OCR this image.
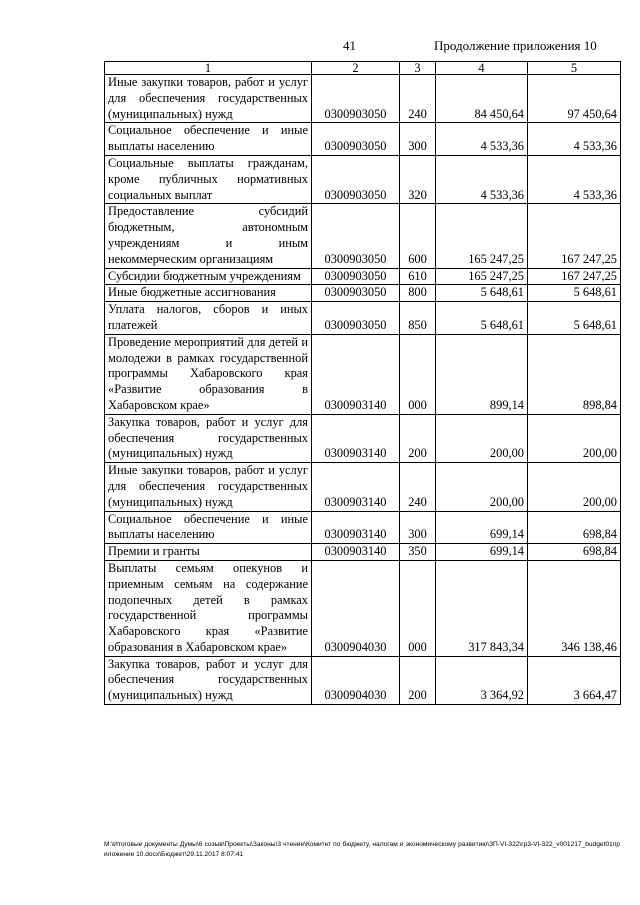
41	Продолжение приложения 10
1	2	3	4	5
Иные закупки товаров, работ и услуг для обеспечения государственных (муниципальных) нужд	0300903050	240	84 450,64	97 450,64
Социальное обеспечение и иные выплаты населению	0300903050	300	4 533,36	4 533,36
Социальные выплаты гражданам, кроме публичных нормативных социальных выплат	0300903050	320	4 533,36	4 533,36
Предоставление субсидий бюджетным, автономным учреждениям и иным некоммерческим организациям	0300903050	600	165 247,25	167 247,25
Субсидии бюджетным учреждениям	0300903050	610	165 247,25	167 247,25
Иные бюджетные ассигнования	0300903050	800	5 648,61	5 648,61
Уплата налогов, сборов и иных платежей	0300903050	850	5 648,61	5 648,61
Проведение мероприятий для детей и молодежи в рамках государственной программы Хабаровского края «Развитие образования в Хабаровском крае»	0300903140	000	899,14	898,84
Закупка товаров, работ и услуг для обеспечения государственных (муниципальных) нужд	0300903140	200	200,00	200,00
Иные закупки товаров, работ и услуг для обеспечения государственных (муниципальных) нужд	0300903140	240	200,00	200,00
Социальное обеспечение и иные выплаты населению	0300903140	300	699,14	698,84
Премии и гранты	0300903140	350	699,14	698,84
Выплаты семьям опекунов и приемным семьям на содержание подопечных детей в рамках государственной программы Хабаровского края «Развитие образования в Хабаровском крае»	0300904030	000	317 843,34	346 138,46
Закупка товаров, работ и услуг для обеспечения государственных (муниципальных) нужд	0300904030	200	3 364,92	3 664,47
М:\Итоговые документы Думы\6 созыв\Проекты\Законы\3 чтение\Комитет по бюджету, налогам и экономическому развитию\ЗП-VI-322\гр3-VI-322_v001217_budget01приложение 10.docx\Бюджет\29.11.2017 8:07:41
